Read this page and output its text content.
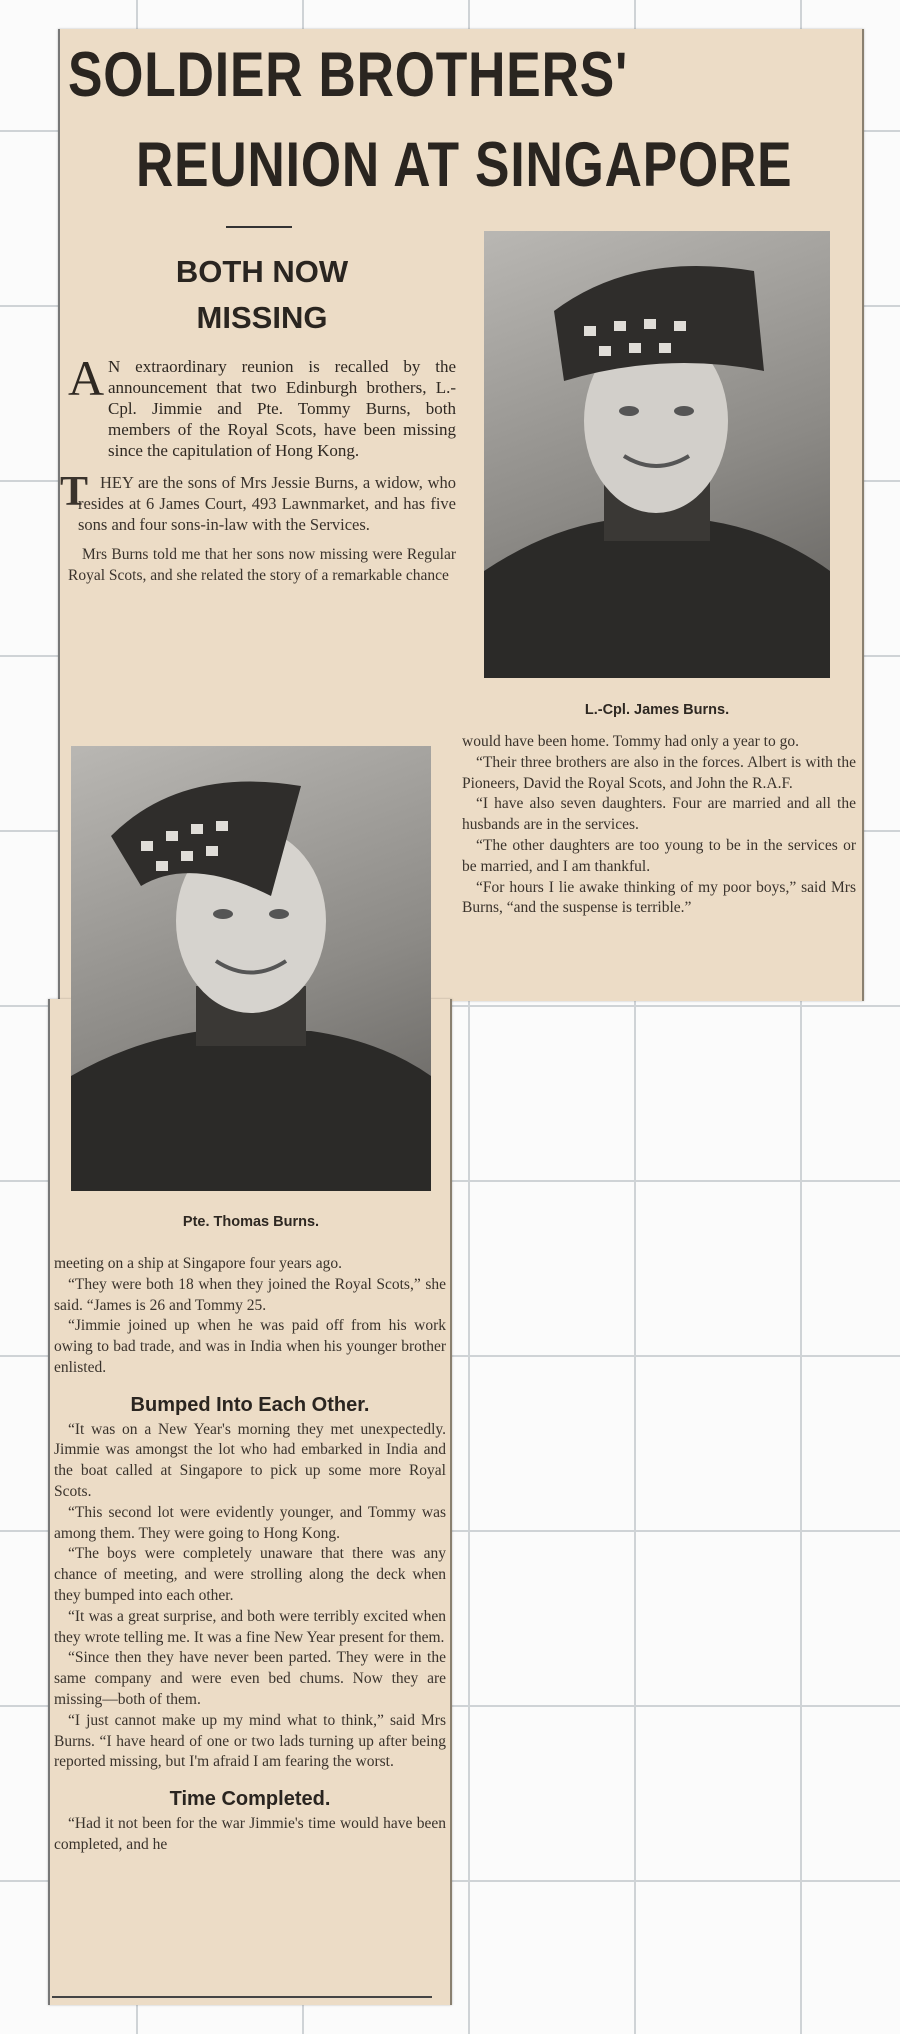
SOLDIER BROTHERS'
REUNION AT SINGAPORE
BOTH NOW
MISSING

A N extraordinary reunion is recalled by the announcement that two Edinburgh brothers, L.-Cpl. Jimmie and Pte. Tommy Burns, both members of the Royal Scots, have been missing since the capitulation of Hong Kong.

T HEY are the sons of Mrs Jessie Burns, a widow, who resides at 6 James Court, 493 Lawnmarket, and has five sons and four sons-in-law with the Services.

Mrs Burns told me that her sons now missing were Regular Royal Scots, and she related the story of a remarkable chance

L.-Cpl. James Burns.

would have been home. Tommy had only a year to go.

“Their three brothers are also in the forces. Albert is with the Pioneers, David the Royal Scots, and John the R.A.F.

“I have also seven daughters. Four are married and all the husbands are in the services.

“The other daughters are too young to be in the services or be married, and I am thankful.

“For hours I lie awake thinking of my poor boys,” said Mrs Burns, “and the suspense is terrible.”

Pte. Thomas Burns.

meeting on a ship at Singapore four years ago.

“They were both 18 when they joined the Royal Scots,” she said. “James is 26 and Tommy 25.

“Jimmie joined up when he was paid off from his work owing to bad trade, and was in India when his younger brother enlisted.

Bumped Into Each Other.

“It was on a New Year's morning they met unexpectedly. Jimmie was amongst the lot who had embarked in India and the boat called at Singapore to pick up some more Royal Scots.

“This second lot were evidently younger, and Tommy was among them. They were going to Hong Kong.

“The boys were completely unaware that there was any chance of meeting, and were strolling along the deck when they bumped into each other.

“It was a great surprise, and both were terribly excited when they wrote telling me. It was a fine New Year present for them.

“Since then they have never been parted. They were in the same company and were even bed chums. Now they are missing—both of them.

“I just cannot make up my mind what to think,” said Mrs Burns. “I have heard of one or two lads turning up after being reported missing, but I'm afraid I am fearing the worst.

Time Completed.

“Had it not been for the war Jimmie's time would have been completed, and he
